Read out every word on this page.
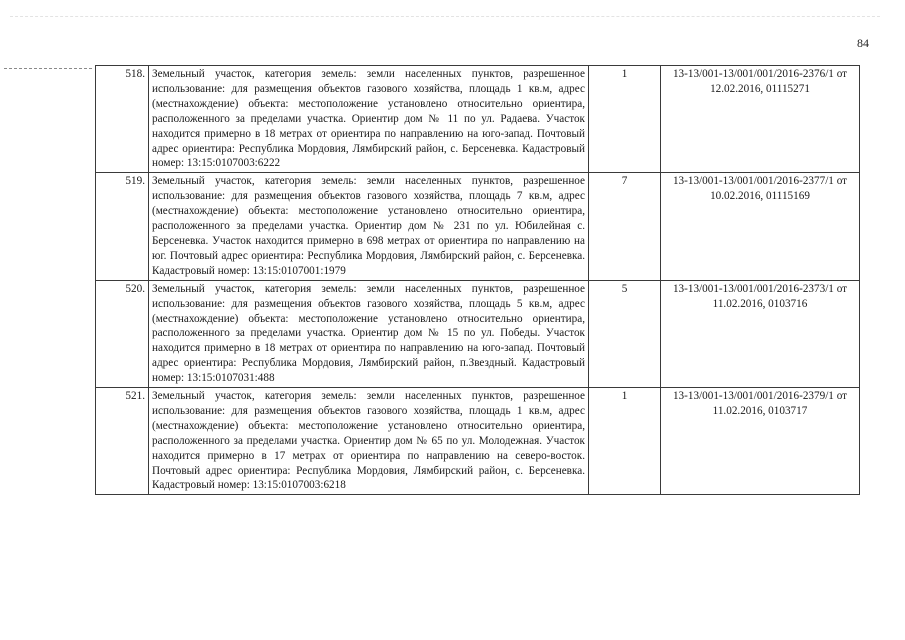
84
518.	Земельный участок, категория земель: земли населенных пунктов, разрешенное использование: для размещения объектов газового хозяйства, площадь 1 кв.м, адрес (местнахождение) объекта: местоположение установлено относительно ориентира, расположенного за пределами участка. Ориентир дом № 11 по ул. Радаева. Участок находится примерно в 18 метрах от ориентира по направлению на юго-запад. Почтовый адрес ориентира: Республика Мордовия, Лямбирский район, с. Берсеневка. Кадастровый номер: 13:15:0107003:6222	1	13-13/001-13/001/001/2016-2376/1 от 12.02.2016, 01115271
519.	Земельный участок, категория земель: земли населенных пунктов, разрешенное использование: для размещения объектов газового хозяйства, площадь 7 кв.м, адрес (местнахождение) объекта: местоположение установлено относительно ориентира, расположенного за пределами участка. Ориентир дом № 231 по ул. Юбилейная с. Берсеневка. Участок находится примерно в 698 метрах от ориентира по направлению на юг. Почтовый адрес ориентира: Республика Мордовия, Лямбирский район, с. Берсеневка. Кадастровый номер: 13:15:0107001:1979	7	13-13/001-13/001/001/2016-2377/1 от 10.02.2016, 01115169
520.	Земельный участок, категория земель: земли населенных пунктов, разрешенное использование: для размещения объектов газового хозяйства, площадь 5 кв.м, адрес (местнахождение) объекта: местоположение установлено относительно ориентира, расположенного за пределами участка. Ориентир дом № 15 по ул. Победы. Участок находится примерно в 18 метрах от ориентира по направлению на юго-запад. Почтовый адрес ориентира: Республика Мордовия, Лямбирский район, п.Звездный. Кадастровый номер: 13:15:0107031:488	5	13-13/001-13/001/001/2016-2373/1 от 11.02.2016, 0103716
521.	Земельный участок, категория земель: земли населенных пунктов, разрешенное использование: для размещения объектов газового хозяйства, площадь 1 кв.м, адрес (местнахождение) объекта: местоположение установлено относительно ориентира, расположенного за пределами участка. Ориентир дом № 65 по ул. Молодежная. Участок находится примерно в 17 метрах от ориентира по направлению на северо-восток. Почтовый адрес ориентира: Республика Мордовия, Лямбирский район, с. Берсеневка. Кадастровый номер: 13:15:0107003:6218	1	13-13/001-13/001/001/2016-2379/1 от 11.02.2016, 0103717
